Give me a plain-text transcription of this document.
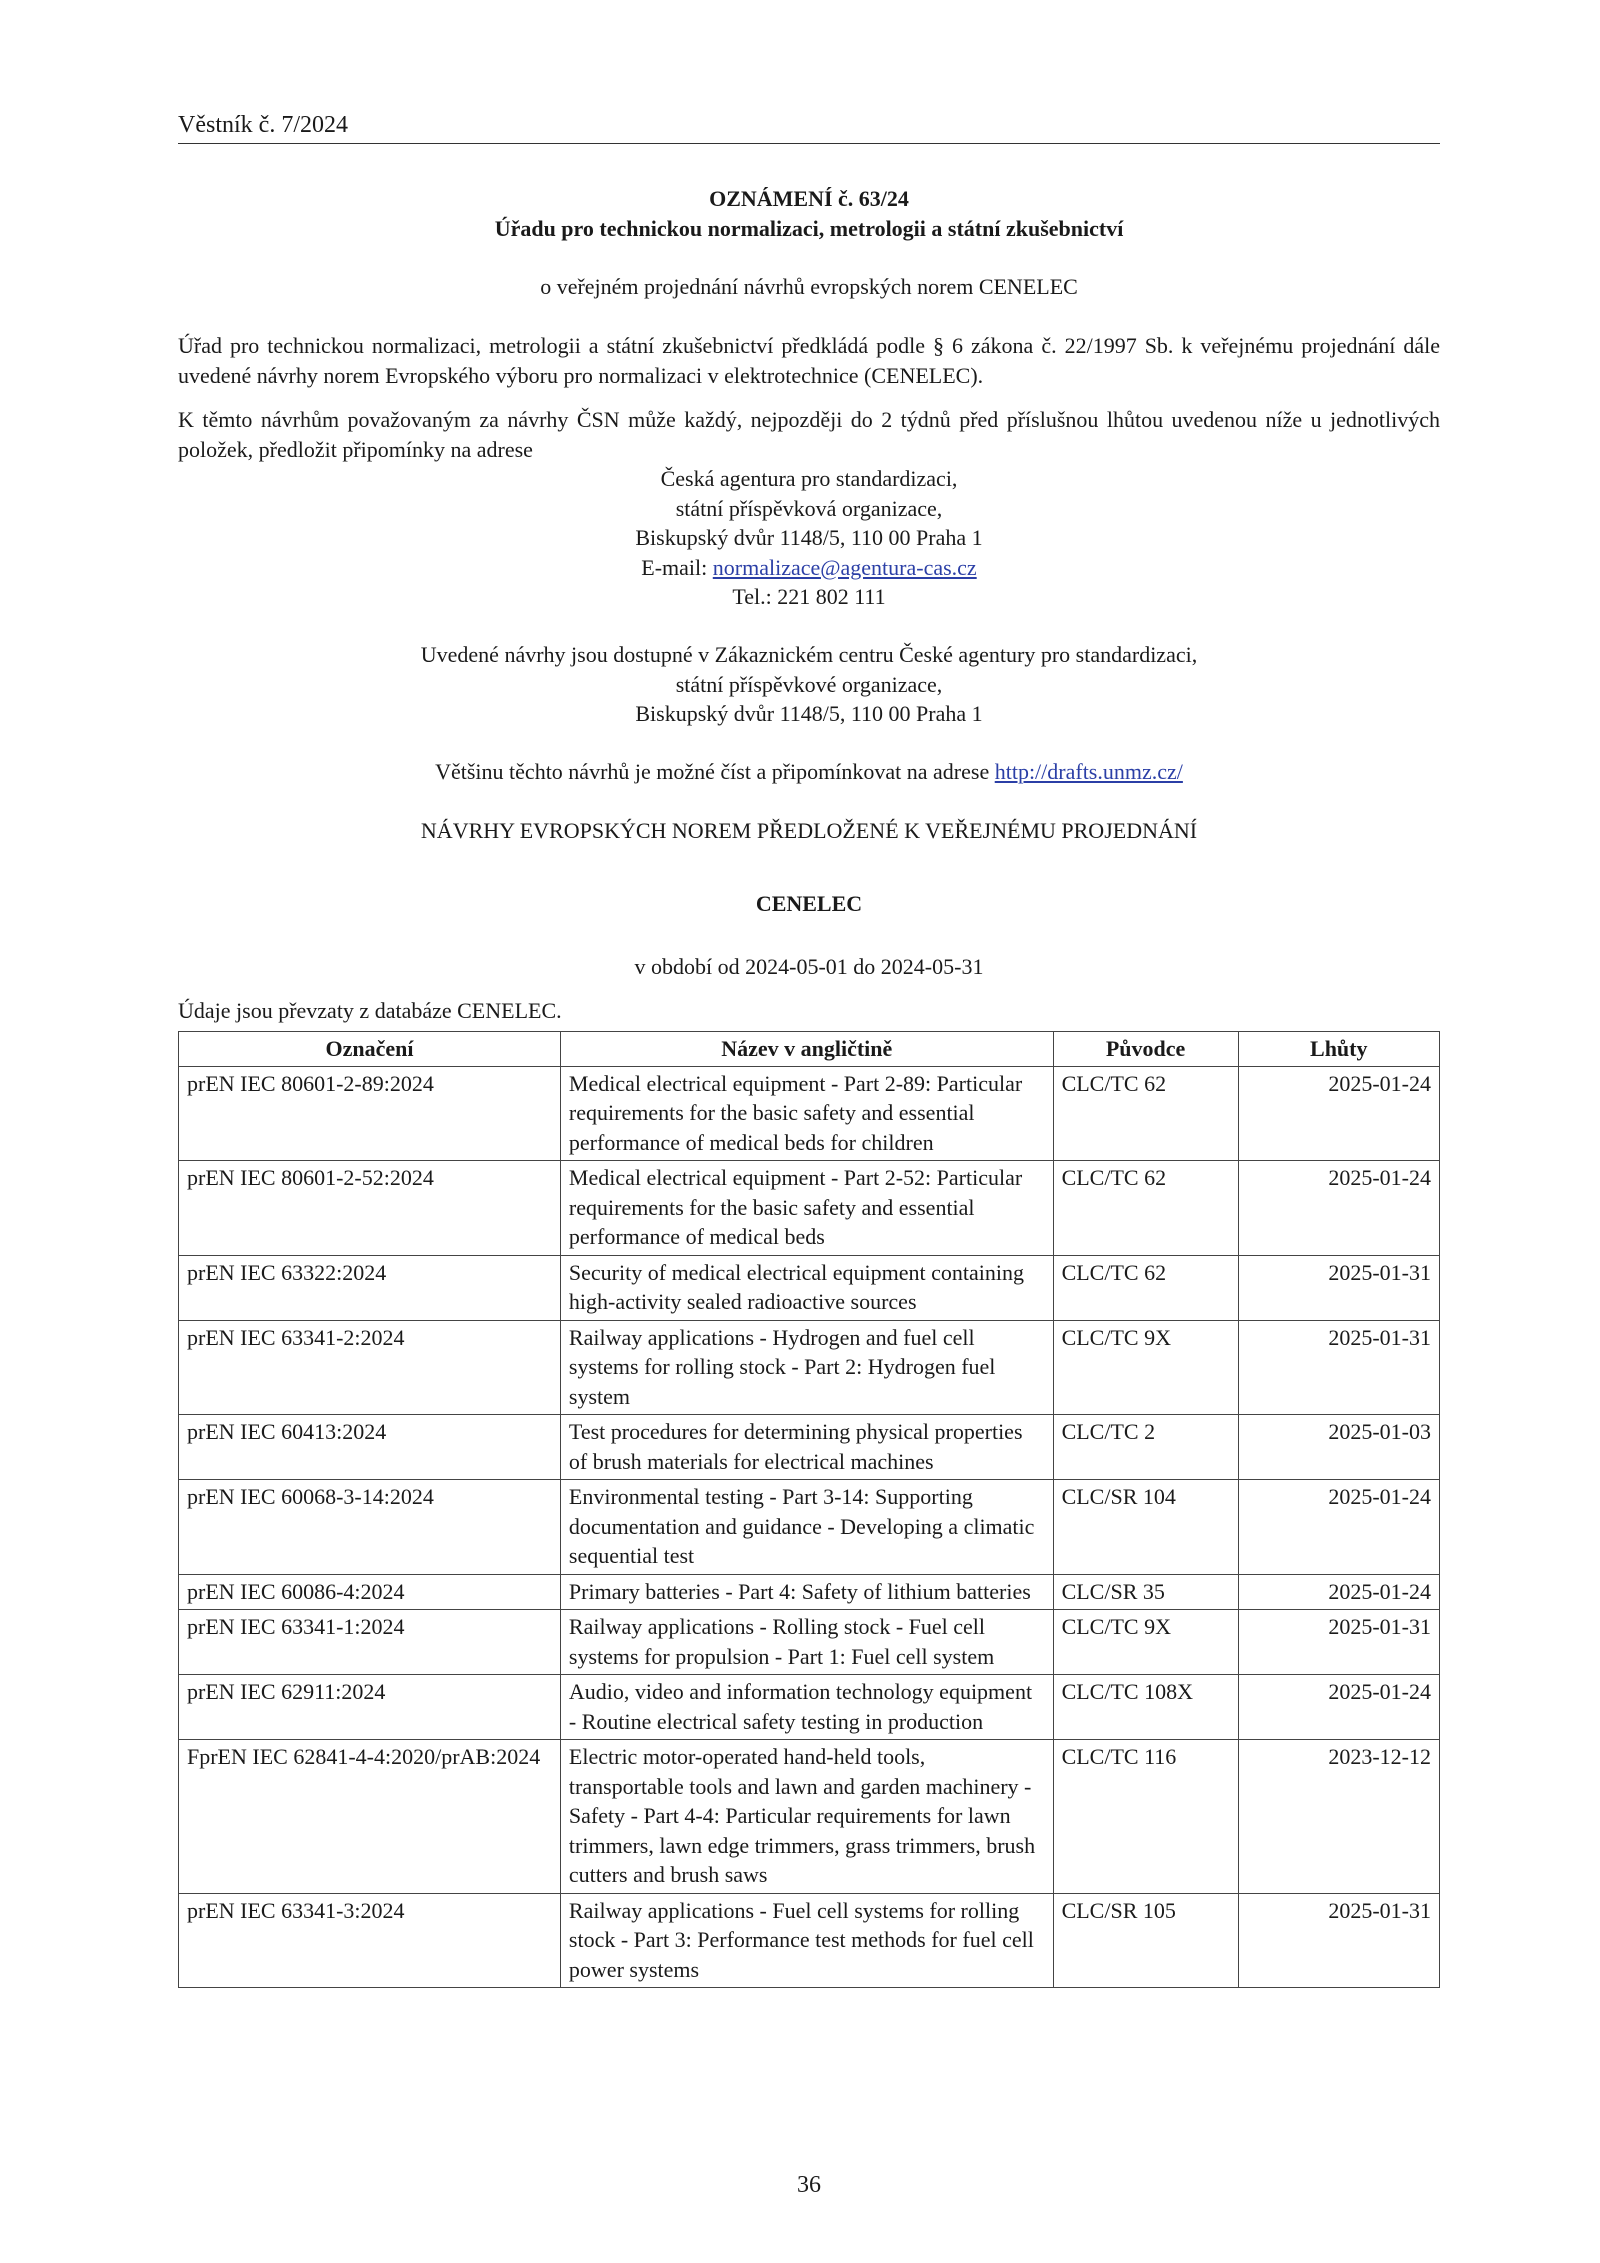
Věstník č. 7/2024
OZNÁMENÍ č. 63/24
Úřadu pro technickou normalizaci, metrologii a státní zkušebnictví
o veřejném projednání návrhů evropských norem CENELEC
Úřad pro technickou normalizaci, metrologii a státní zkušebnictví předkládá podle § 6 zákona č. 22/1997 Sb. k veřejnému projednání dále uvedené návrhy norem Evropského výboru pro normalizaci v elektrotechnice (CENELEC).
K těmto návrhům považovaným za návrhy ČSN může každý, nejpozději do 2 týdnů před příslušnou lhůtou uvedenou níže u jednotlivých položek, předložit připomínky na adrese
Česká agentura pro standardizaci,
státní příspěvková organizace,
Biskupský dvůr 1148/5, 110 00 Praha 1
E-mail: normalizace@agentura-cas.cz
Tel.: 221 802 111
Uvedené návrhy jsou dostupné v Zákaznickém centru České agentury pro standardizaci,
státní příspěvkové organizace,
Biskupský dvůr 1148/5, 110 00 Praha 1
Většinu těchto návrhů je možné číst a připomínkovat na adrese http://drafts.unmz.cz/
NÁVRHY EVROPSKÝCH NOREM PŘEDLOŽENÉ K VEŘEJNÉMU PROJEDNÁNÍ
CENELEC
v období od 2024-05-01 do 2024-05-31
Údaje jsou převzaty z databáze CENELEC.
Označení	Název v angličtině	Původce	Lhůty
prEN IEC 80601-2-89:2024	Medical electrical equipment - Part 2-89: Particular requirements for the basic safety and essential performance of medical beds for children	CLC/TC 62	2025-01-24
prEN IEC 80601-2-52:2024	Medical electrical equipment - Part 2-52: Particular requirements for the basic safety and essential performance of medical beds	CLC/TC 62	2025-01-24
prEN IEC 63322:2024	Security of medical electrical equipment containing high-activity sealed radioactive sources	CLC/TC 62	2025-01-31
prEN IEC 63341-2:2024	Railway applications - Hydrogen and fuel cell systems for rolling stock - Part 2: Hydrogen fuel system	CLC/TC 9X	2025-01-31
prEN IEC 60413:2024	Test procedures for determining physical properties of brush materials for electrical machines	CLC/TC 2	2025-01-03
prEN IEC 60068-3-14:2024	Environmental testing - Part 3-14: Supporting documentation and guidance - Developing a climatic sequential test	CLC/SR 104	2025-01-24
prEN IEC 60086-4:2024	Primary batteries - Part 4: Safety of lithium batteries	CLC/SR 35	2025-01-24
prEN IEC 63341-1:2024	Railway applications - Rolling stock - Fuel cell systems for propulsion - Part 1: Fuel cell system	CLC/TC 9X	2025-01-31
prEN IEC 62911:2024	Audio, video and information technology equipment - Routine electrical safety testing in production	CLC/TC 108X	2025-01-24
FprEN IEC 62841-4-4:2020/prAB:2024	Electric motor-operated hand-held tools, transportable tools and lawn and garden machinery - Safety - Part 4-4: Particular requirements for lawn trimmers, lawn edge trimmers, grass trimmers, brush cutters and brush saws	CLC/TC 116	2023-12-12
prEN IEC 63341-3:2024	Railway applications - Fuel cell systems for rolling stock - Part 3: Performance test methods for fuel cell power systems	CLC/SR 105	2025-01-31
36
